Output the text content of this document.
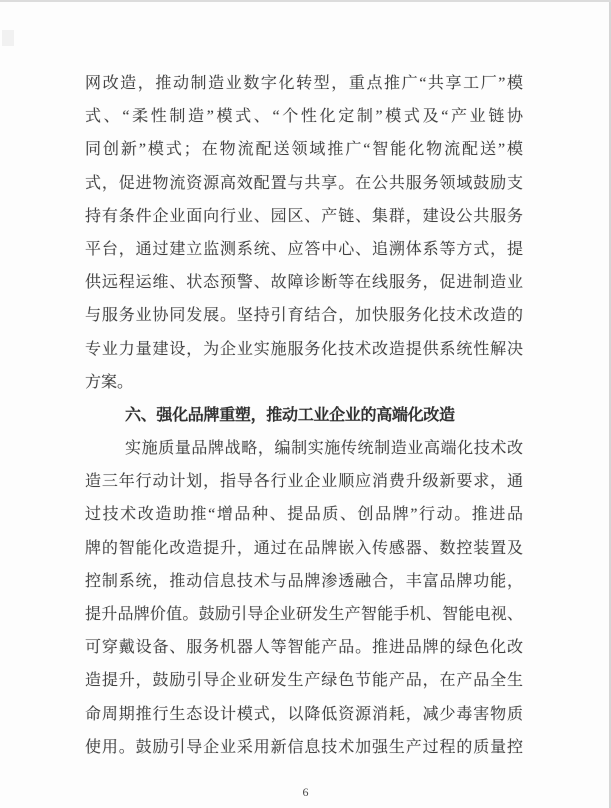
网改造，推动制造业数字化转型，重点推广“共享工厂”模
式、“柔性制造”模式、“个性化定制”模式及“产业链协
同创新”模式；在物流配送领域推广“智能化物流配送”模
式，促进物流资源高效配置与共享。在公共服务领域鼓励支
持有条件企业面向行业、园区、产链、集群，建设公共服务
平台，通过建立监测系统、应答中心、追溯体系等方式，提
供远程运维、状态预警、故障诊断等在线服务，促进制造业
与服务业协同发展。坚持引育结合，加快服务化技术改造的
专业力量建设，为企业实施服务化技术改造提供系统性解决
方案。
六、强化品牌重塑，推动工业企业的高端化改造
实施质量品牌战略，编制实施传统制造业高端化技术改
造三年行动计划，指导各行业企业顺应消费升级新要求，通
过技术改造助推“增品种、提品质、创品牌”行动。推进品
牌的智能化改造提升，通过在品牌嵌入传感器、数控装置及
控制系统，推动信息技术与品牌渗透融合，丰富品牌功能，
提升品牌价值。鼓励引导企业研发生产智能手机、智能电视、
可穿戴设备、服务机器人等智能产品。推进品牌的绿色化改
造提升，鼓励引导企业研发生产绿色节能产品，在产品全生
命周期推行生态设计模式，以降低资源消耗，减少毒害物质
使用。鼓励引导企业采用新信息技术加强生产过程的质量控
6
